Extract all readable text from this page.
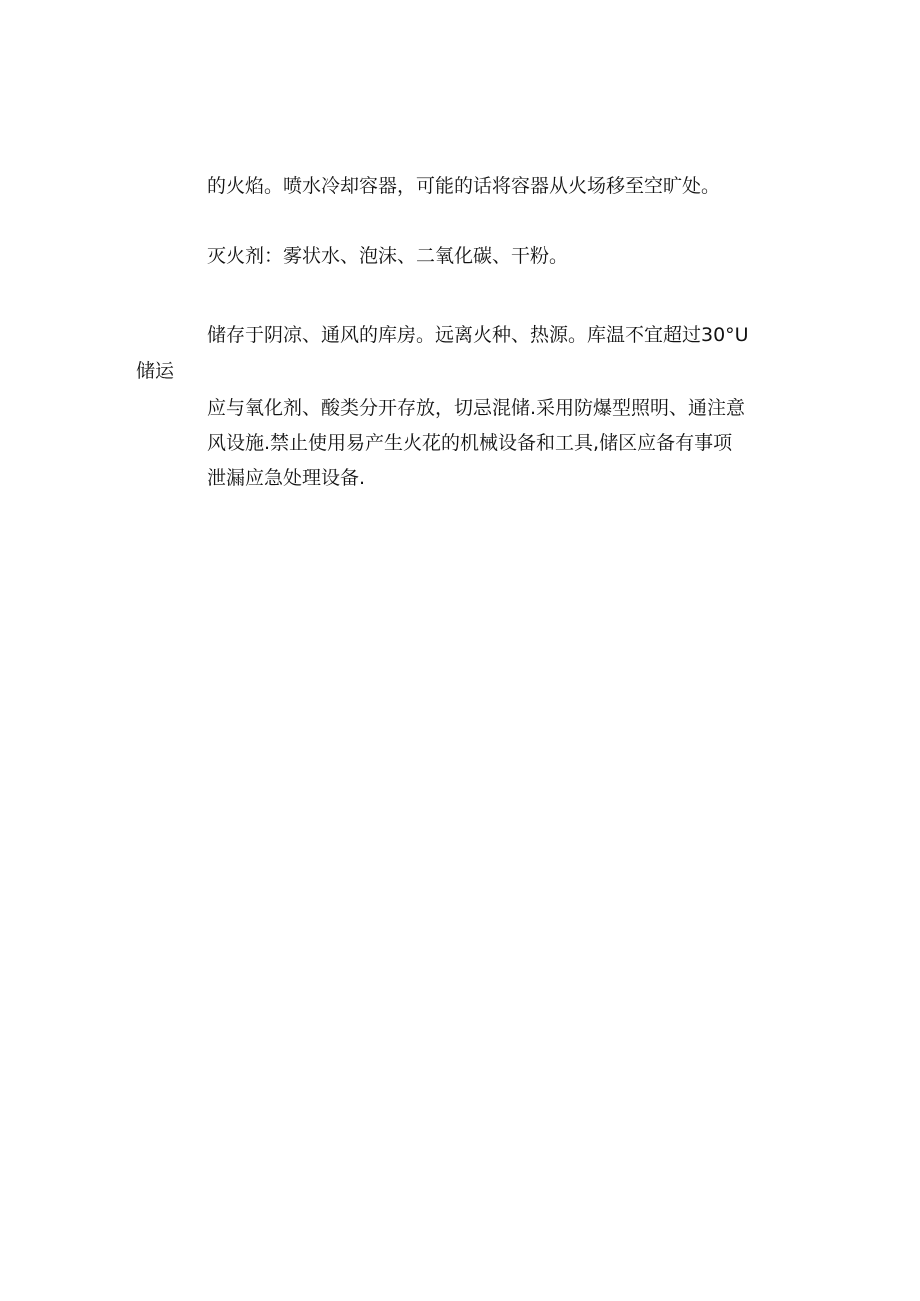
的火焰。喷水冷却容器，可能的话将容器从火场移至空旷处。
灭火剂：雾状水、泡沫、二氧化碳、干粉。
储存于阴凉、通风的库房。远离火种、热源。库温不宜超过30°U
储运
应与氧化剂、酸类分开存放，切忌混储.采用防爆型照明、通注意
风设施.禁止使用易产生火花的机械设备和工具,储区应备有事项
泄漏应急处理设备.
